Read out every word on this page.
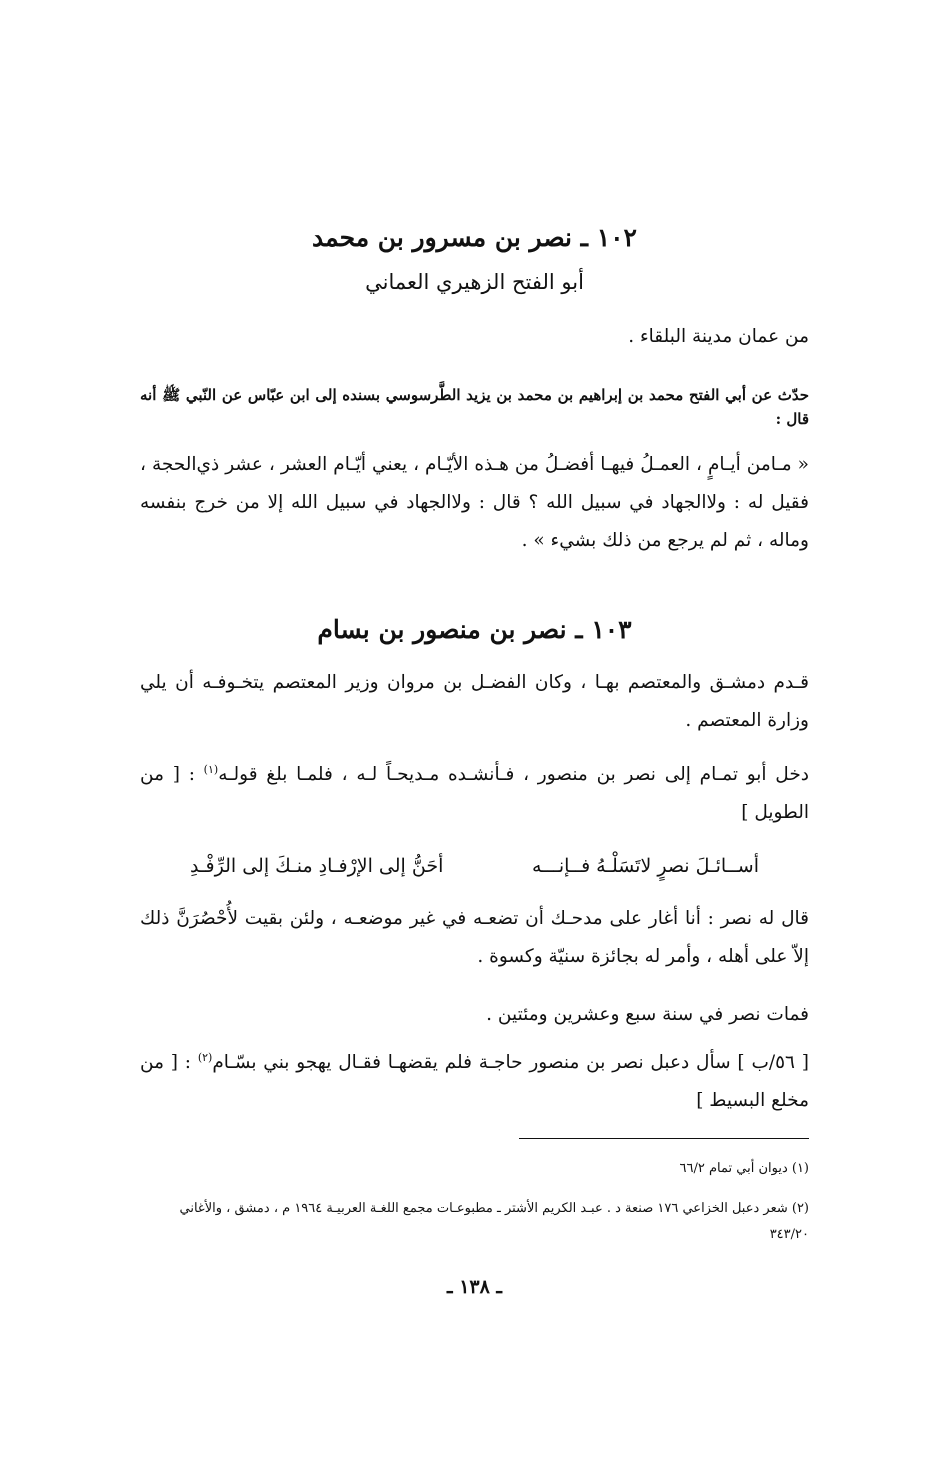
١٠٢ ـ نصر بن مسرور بن محمد
أبو الفتح الزهيري العماني
من عمان مدينة البلقاء .
حدّث عن أبي الفتح محمد بن إبراهيم بن محمد بن يزيد الطَّرسوسي بسنده إلى ابن عبّاس عن النّبي ﷺ أنه قال :
« مـامن أيـامٍ ، العمـلُ فيهـا أفضـلُ من هـذه الأيّـام ، يعني أيّـام العشر ، عشر ذي‌الحجة ، فقيل له : ولاالجهاد في سبيل الله ؟ قال : ولاالجهاد في سبيل الله إلا من خرج بنفسه وماله ، ثم لم يرجع من ذلك بشيء » .
١٠٣ ـ نصر بن منصور بن بسام
قـدم دمشـق والمعتصم بهـا ، وكان الفضـل بن مروان وزير المعتصم يتخـوفـه أن يلي وزارة المعتصم .
دخل أبو تمـام إلى نصر بن منصور ، فـأنشـده مـديحـاً لـه ، فلمـا بلغ قولـه$^{(١)}$ : [ من الطويل ]
أســائـلَ نصرٍ لاتَسَلْـهُ فــإنـــه
أحَنُّ إلى الإرْفـادِ منـكَ إلى الرِّفْـدِ
قال له نصر : أنا أغار على مدحـك أن تضعـه في غير موضعـه ، ولئن بقيت لأُحْصُرَنَّ ذلك إلاّ على أهله ، وأمر له بجائزة سنيّة وكسوة .
فمات نصر في سنة سبع وعشرين ومئتين .
[ ٥٦/ب ] سأل دعبل نصر بن منصور حاجـة فلم يقضهـا فقـال يهجو بني بسّـام$^{(٢)}$ : [ من مخلع البسيط ]
(١) ديوان أبي تمام ٦٦/٢
(٢) شعر دعبل الخزاعي ١٧٦ صنعة د . عبـد الكريم الأشتر ـ مطبوعـات مجمع اللغـة العربيـة ١٩٦٤ م ، دمشق ، والأغاني ٣٤٣/٢٠
ـ ١٣٨ ـ
